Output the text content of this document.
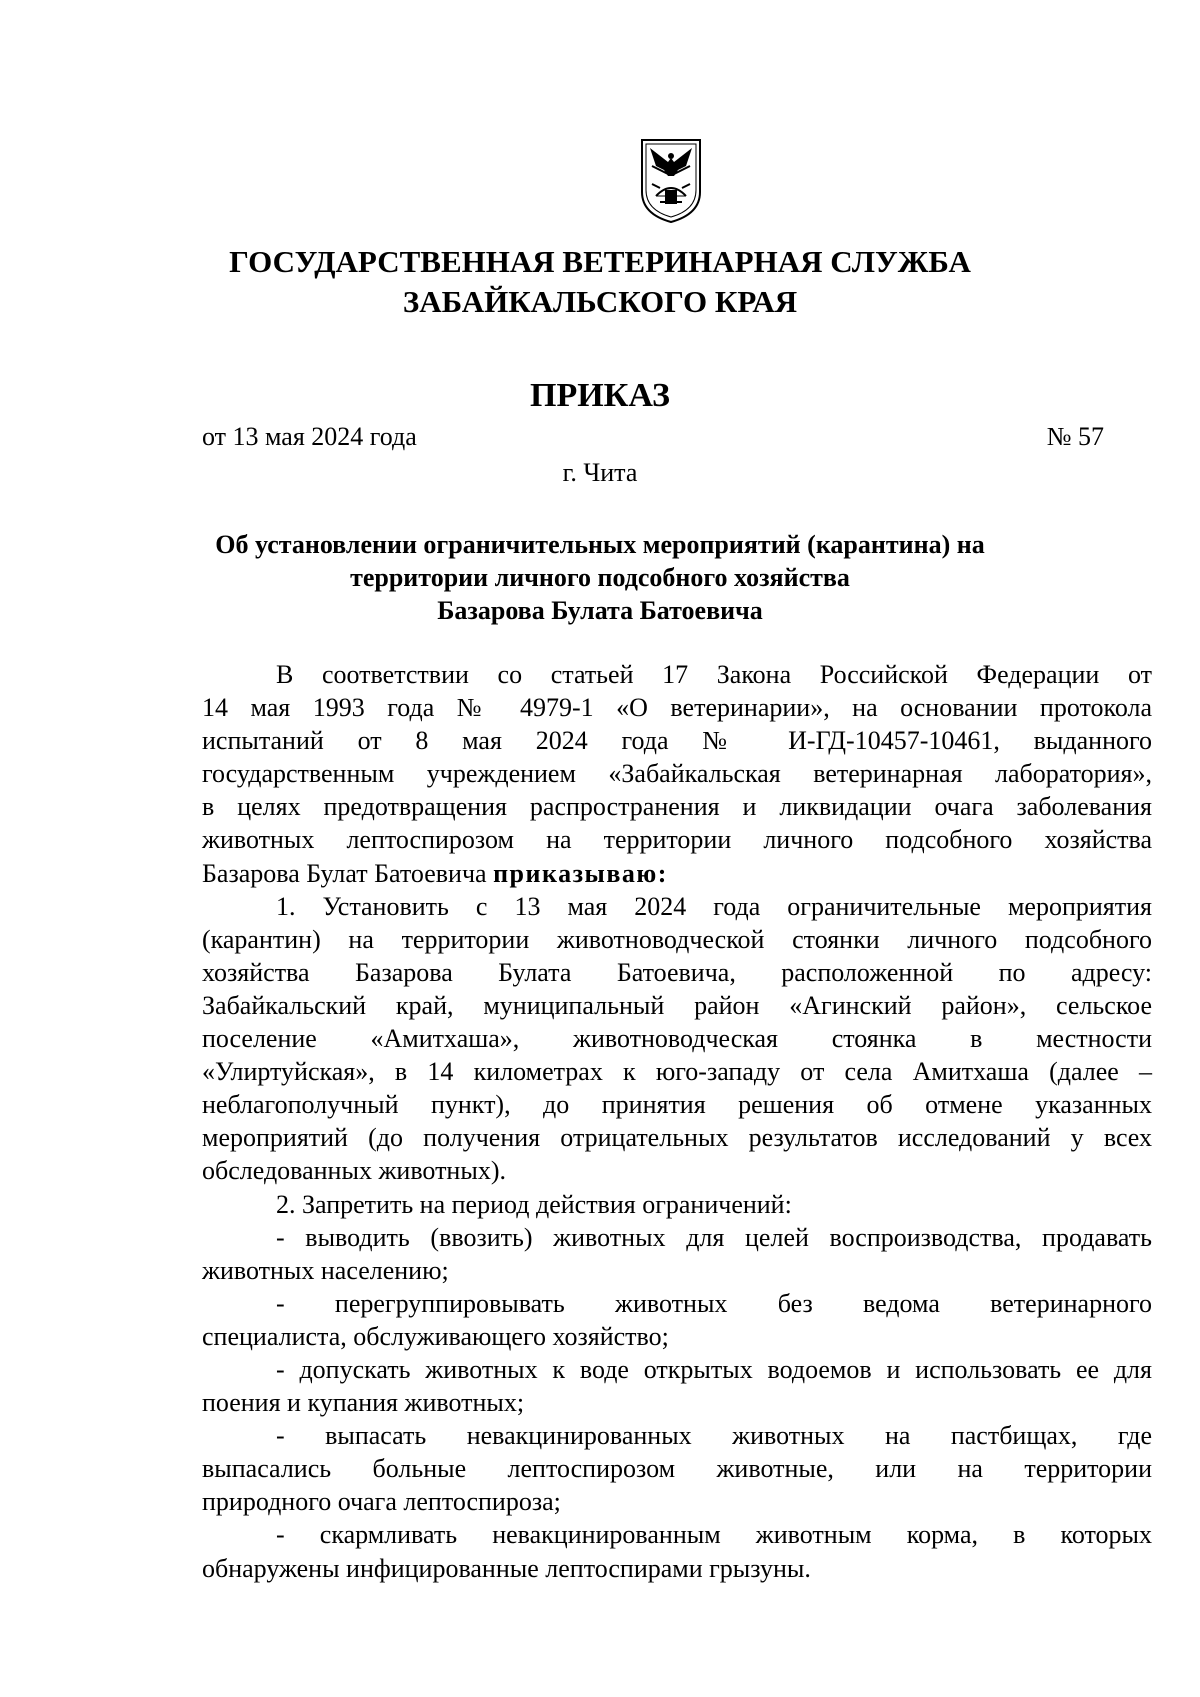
ГОСУДАРСТВЕННАЯ ВЕТЕРИНАРНАЯ СЛУЖБА
ЗАБАЙКАЛЬСКОГО КРАЯ
ПРИКАЗ
от 13 мая 2024 года	№ 57
г. Чита
Об установлении ограничительных мероприятий (карантина) на
территории личного подсобного хозяйства
Базарова Булата Батоевича
В соответствии со статьей 17 Закона Российской Федерации от
14 мая 1993 года № 4979-1 «О ветеринарии», на основании протокола
испытаний от 8 мая 2024 года № И-ГД-10457-10461, выданного
государственным учреждением «Забайкальская ветеринарная лаборатория»,
в целях предотвращения распространения и ликвидации очага заболевания
животных лептоспирозом на территории личного подсобного хозяйства
Базарова Булат Батоевича приказываю:
1. Установить с 13 мая 2024 года ограничительные мероприятия
(карантин) на территории животноводческой стоянки личного подсобного
хозяйства Базарова Булата Батоевича, расположенной по адресу:
Забайкальский край, муниципальный район «Агинский район», сельское
поселение «Амитхаша», животноводческая стоянка в местности
«Улиртуйская», в 14 километрах к юго-западу от села Амитхаша (далее –
неблагополучный пункт), до принятия решения об отмене указанных
мероприятий (до получения отрицательных результатов исследований у всех
обследованных животных).
2. Запретить на период действия ограничений:
- выводить (ввозить) животных для целей воспроизводства, продавать
животных населению;
- перегруппировывать животных без ведома ветеринарного
специалиста, обслуживающего хозяйство;
- допускать животных к воде открытых водоемов и использовать ее для
поения и купания животных;
- выпасать невакцинированных животных на пастбищах, где
выпасались больные лептоспирозом животные, или на территории
природного очага лептоспироза;
- скармливать невакцинированным животным корма, в которых
обнаружены инфицированные лептоспирами грызуны.
